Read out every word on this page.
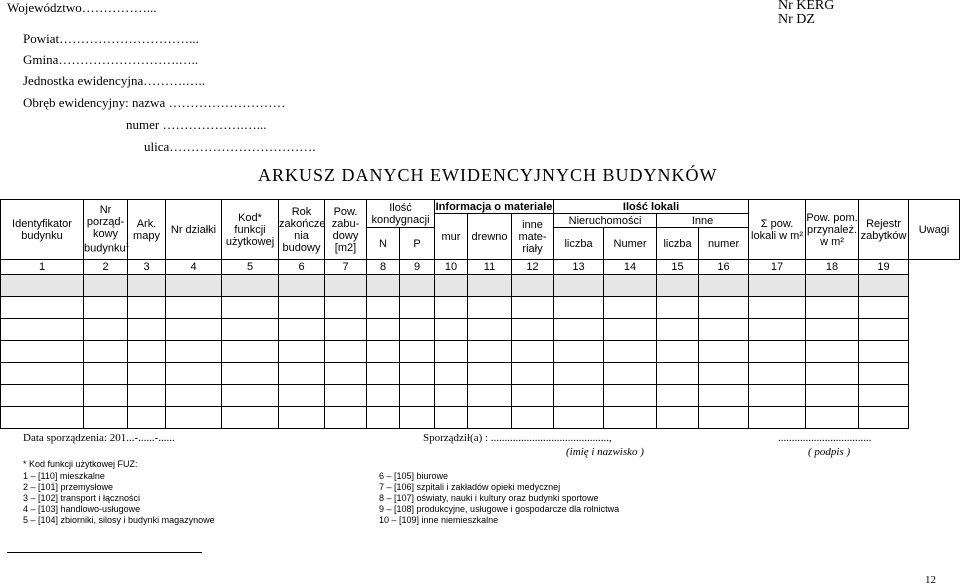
Województwo……………...
Powiat…………………………...
Gmina……………………….…..
Jednostka ewidencyjna……….…..
Obręb ewidencyjny: nazwa ………………………
numer ……………….…...
ulica…………………………….
Nr KERG
Nr DZ
ARKUSZ DANYCH EWIDENCYJNYCH BUDYNKÓW
Identyfikator budynku	Nr porząd-kowy budynku$^1$	Ark. mapy	Nr działki	Kod* funkcji użytkowej	Rok zakończe nia budowy	Pow. zabu-dowy [m2]	Ilość kondygnacji		Informacja o materiale			Ilość lokali				Σ pow. lokali w m²	Pow. pom. przynależ. w m²	Rejestr zabytków	Uwagi
									mur	drewno	inne mate-riały	Nieruchomości		Inne					
							N	P				liczba	Numer	liczba	numer				
1	2	3	4	5	6	7	8	9	10	11	12	13	14	15	16	17	18	19	

Data sporządzenia: 201...-......-......	Sporządził(a) : ...........................................,	..................................
(imię i nazwisko )	( podpis )
* Kod funkcji użytkowej FUZ:
1 – [110] mieszkalne
2 – [101] przemysłowe
3 – [102] transport i łączności
4 – [103] handlowo-usługowe
5 – [104] zbiorniki, silosy i budynki magazynowe
6 – [105] biurowe
7 – [106] szpitali i zakładów opieki medycznej
8 – [107] oświaty, nauki i kultury oraz budynki sportowe
9 – [108] produkcyjne, usługowe i gospodarcze dla rolnictwa
10 – [109] inne niemieszkalne
12
